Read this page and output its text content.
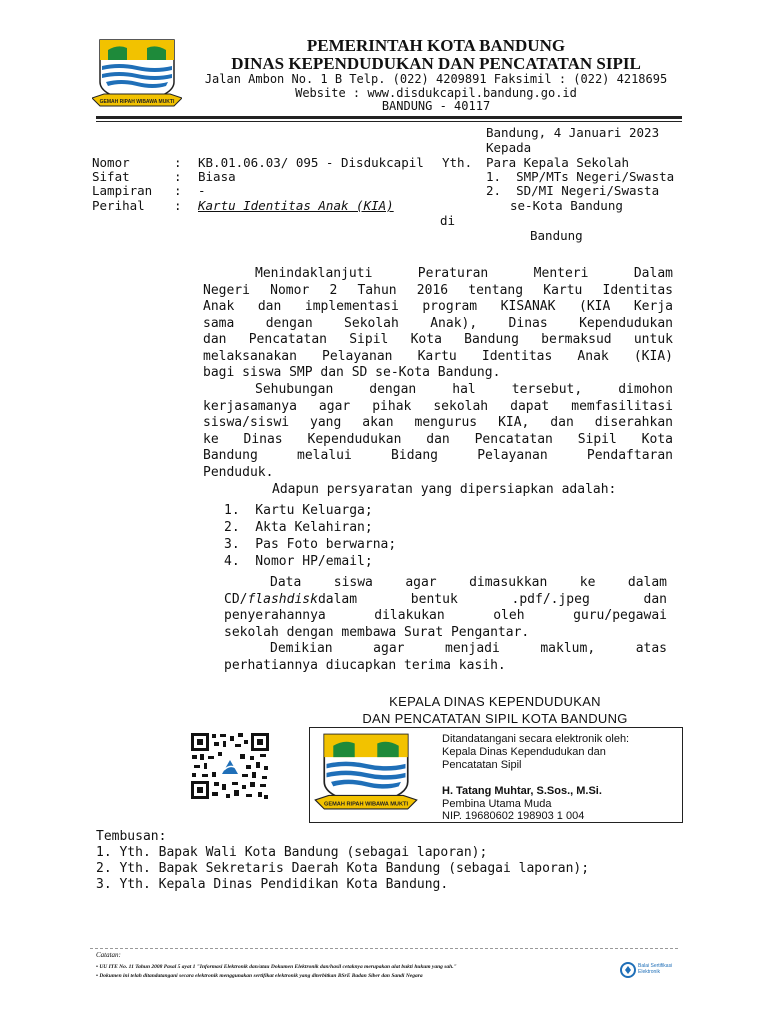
GEMAH RIPAH WIBAWA MUKTI
PEMERINTAH KOTA BANDUNG
DINAS KEPENDUDUKAN DAN PENCATATAN SIPIL
Jalan Ambon No. 1 B Telp. (022) 4209891 Faksimil : (022) 4218695
Website : www.disdukcapil.bandung.go.id
BANDUNG - 40117
Bandung, 4 Januari 2023
Kepada
Yth. Para Kepala Sekolah
1.  SMP/MTs Negeri/Swasta
2.  SD/MI Negeri/Swasta
se-Kota Bandung
di
Bandung
Nomor	: KB.01.06.03/ 095 - Disdukcapil
Sifat	: Biasa
Lampiran : -
Perihal : Kartu Identitas Anak (KIA)
Menindaklanjuti Peraturan Menteri Dalam
Negeri Nomor 2 Tahun 2016 tentang Kartu Identitas
Anak dan implementasi program KISANAK (KIA Kerja
sama dengan Sekolah Anak), Dinas Kependudukan
dan Pencatatan Sipil Kota Bandung bermaksud untuk
melaksanakan Pelayanan Kartu Identitas Anak (KIA)
bagi siswa SMP dan SD se-Kota Bandung.
Sehubungan dengan hal tersebut, dimohon
kerjasamanya agar pihak sekolah dapat memfasilitasi
siswa/siswi yang akan mengurus KIA, dan diserahkan
ke Dinas Kependudukan dan Pencatatan Sipil Kota
Bandung melalui Bidang Pelayanan Pendaftaran
Penduduk.
Adapun persyaratan yang dipersiapkan adalah:
1.  Kartu Keluarga;
2.  Akta Kelahiran;
3.  Pas Foto berwarna;
4.  Nomor HP/email;
Data siswa agar dimasukkan ke dalam
CD/ flashdisk dalam bentuk .pdf/.jpeg dan
penyerahannya dilakukan oleh guru/pegawai
sekolah dengan membawa Surat Pengantar.
Demikian agar menjadi maklum, atas
perhatiannya diucapkan terima kasih.
KEPALA DINAS KEPENDUDUKAN
DAN PENCATATAN SIPIL KOTA BANDUNG
GEMAH RIPAH WIBAWA MUKTI
Ditandatangani secara elektronik oleh:
Kepala Dinas Kependudukan dan
Pencatatan Sipil
H. Tatang Muhtar, S.Sos., M.Si.
Pembina Utama Muda
NIP. 19680602 198903 1 004
Tembusan:
1. Yth. Bapak Wali Kota Bandung (sebagai laporan);
2. Yth. Bapak Sekretaris Daerah Kota Bandung (sebagai laporan);
3. Yth. Kepala Dinas Pendidikan Kota Bandung.
Catatan:
• UU ITE No. 11 Tahun 2008 Pasal 5 ayat 1 "Informasi Elektronik dan/atau Dokumen Elektronik dan/hasil cetaknya merupakan alat bukti hukum yang sah."
• Dokumen ini telah ditandatangani secara elektronik menggunakan sertifikat elektronik yang diterbitkan BSrE Badan Siber dan Sandi Negara
Balai Sertifikasi Elektronik
